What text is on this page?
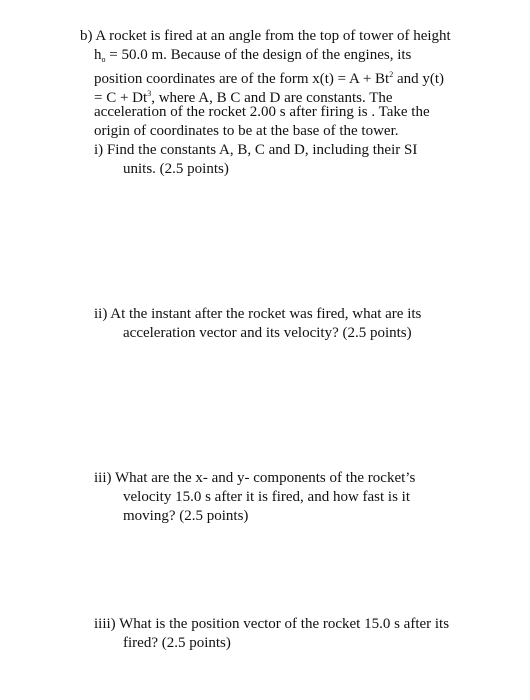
b) A rocket is fired at an angle from the top of tower of height
$h_o = 50.0$ m. Because of the design of the engines, its
position coordinates are of the form $x(t) = A + Bt^2$ and y(t)
= $C + Dt^3$, where A, B C and D are constants. The
acceleration of the rocket 2.00 s after firing is . Take the
origin of coordinates to be at the base of the tower.
i) Find the constants A, B, C and D, including their SI
units. (2.5 points)
ii) At the instant after the rocket was fired, what are its
acceleration vector and its velocity? (2.5 points)
iii) What are the x- and y- components of the rocket’s
velocity 15.0 s after it is fired, and how fast is it
moving? (2.5 points)
iiii) What is the position vector of the rocket 15.0 s after its
fired? (2.5 points)
